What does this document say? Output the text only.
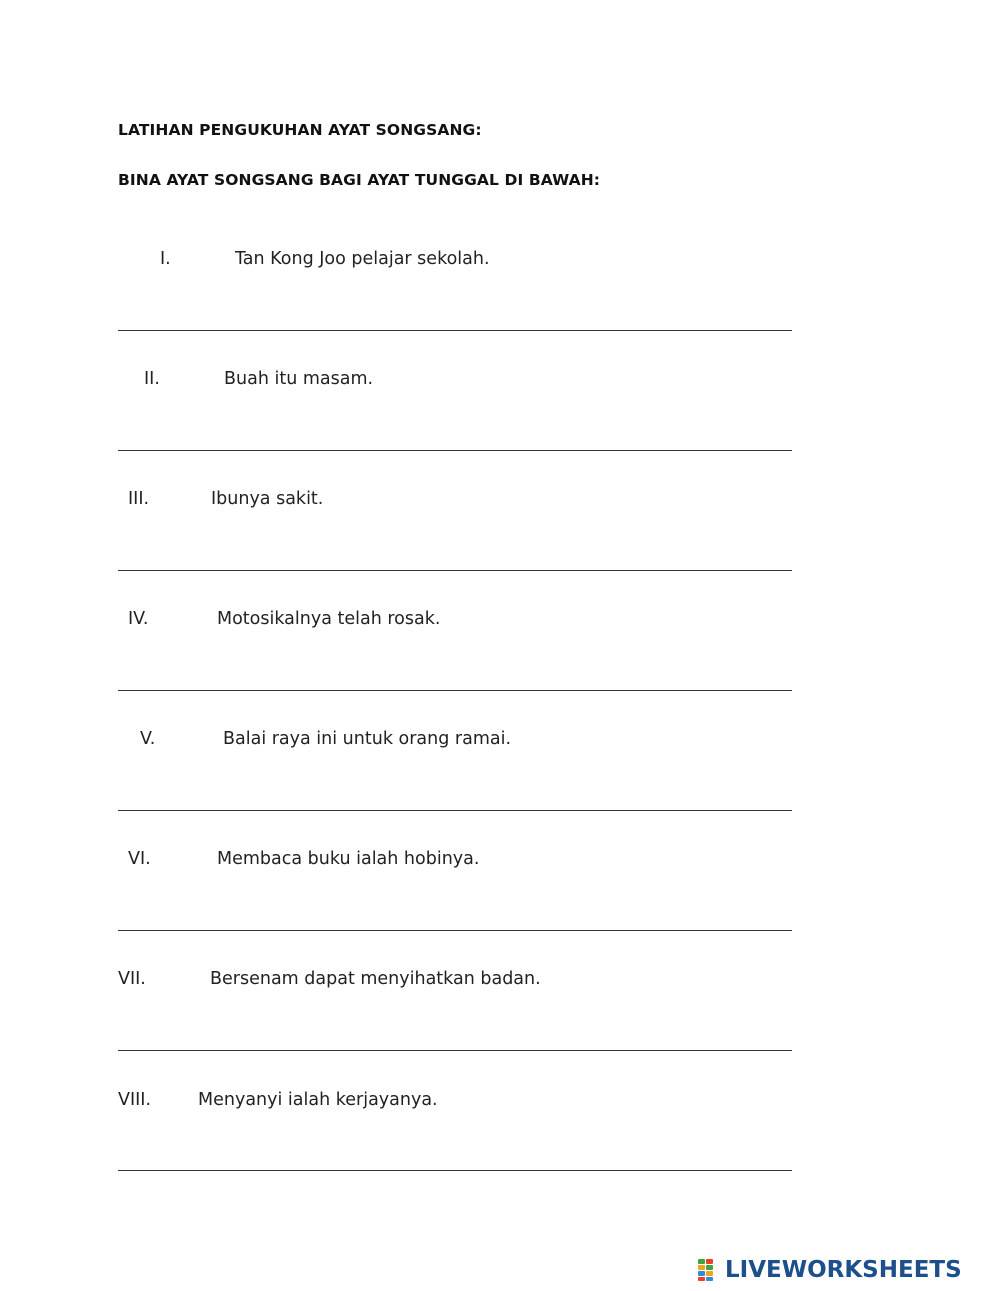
LATIHAN PENGUKUHAN AYAT SONGSANG:
BINA AYAT SONGSANG BAGI AYAT TUNGGAL DI BAWAH:
I.	Tan Kong Joo pelajar sekolah.
II.	Buah itu masam.
III.	Ibunya sakit.
IV.	Motosikalnya telah rosak.
V.	Balai raya ini untuk orang ramai.
VI.	Membaca buku ialah hobinya.
VII.	Bersenam dapat menyihatkan badan.
VIII.	Menyanyi ialah kerjayanya.
LIVEWORKSHEETS
